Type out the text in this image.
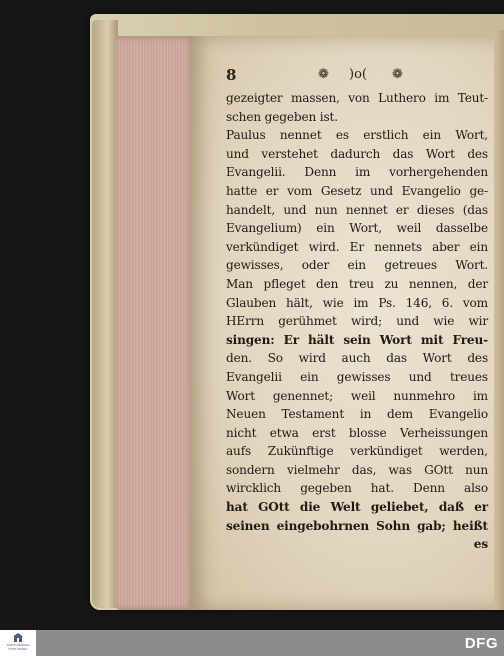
8	❁ )o( ❁
gezeigter massen, von Luthero im Teut-
schen gegeben ist.
Paulus nennet es erstlich ein Wort,
und verstehet dadurch das Wort des
Evangelii. Denn im vorhergehenden
hatte er vom Gesetz und Evangelio ge-
handelt, und nun nennet er dieses (das
Evangelium) ein Wort, weil dasselbe
verkündiget wird. Er nennets aber ein
gewisses, oder ein getreues Wort.
Man pfleget den treu zu nennen, der
Glauben hält, wie im Ps. 146, 6. vom
HErrn gerühmet wird; und wie wir
singen: Er hält sein Wort mit Freu-
den. So wird auch das Wort des
Evangelii ein gewisses und treues
Wort genennet; weil nunmehro im
Neuen Testament in dem Evangelio
nicht etwa erst blosse Verheissungen
aufs Zukünftige verkündiget werden,
sondern vielmehr das, was GOtt nun
wircklich gegeben hat. Denn also
hat GOtt die Welt geliebet, daß er
seinen eingebohrnen Sohn gab; heißt
es
FRANCKESCHE STIFTUNGEN	DFG
